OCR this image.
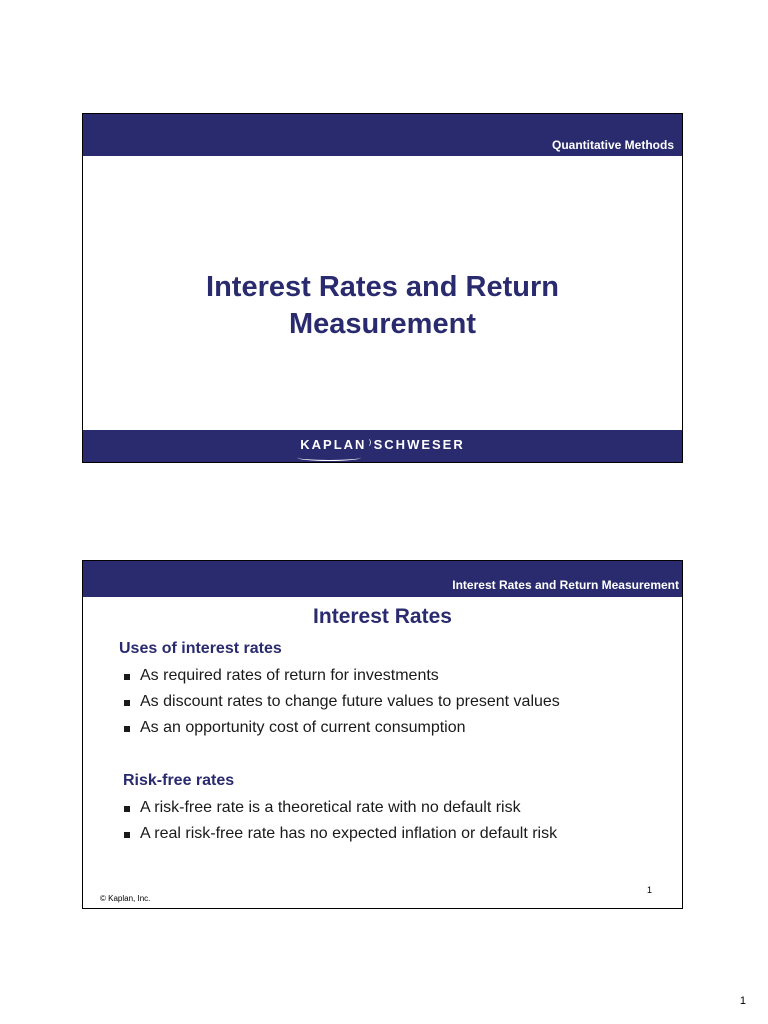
Quantitative Methods
Interest Rates and Return
Measurement
KAPLAN ⁾ SCHWESER
Interest Rates and Return Measurement
Interest Rates
Uses of interest rates
As required rates of return for investments
As discount rates to change future values to present values
As an opportunity cost of current consumption
Risk-free rates
A risk-free rate is a theoretical rate with no default risk
A real risk-free rate has no expected inflation or default risk
© Kaplan, Inc.
1
1
